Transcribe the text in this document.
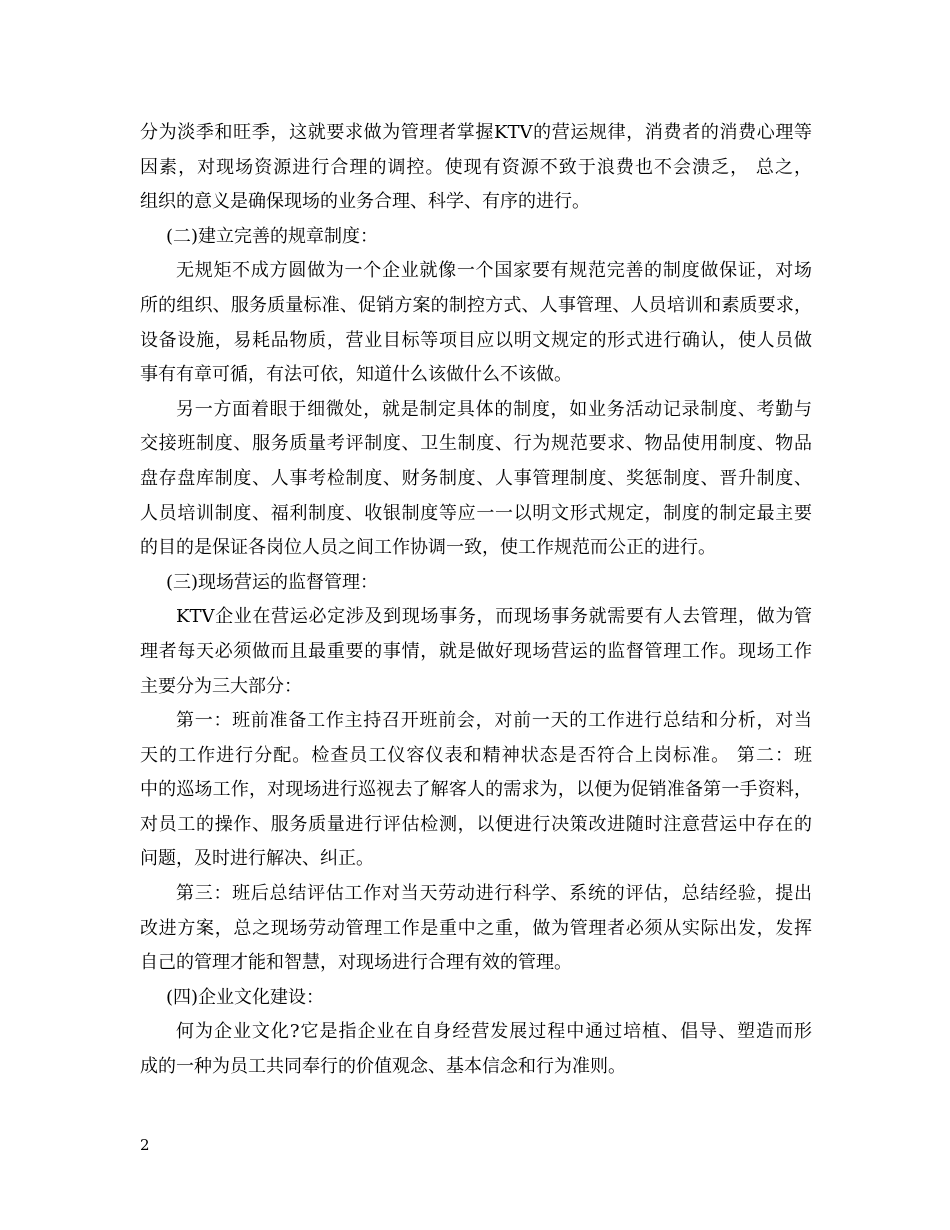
分为淡季和旺季，这就要求做为管理者掌握KTV的营运规律，消费者的消费心理等
因素，对现场资源进行合理的调控。使现有资源不致于浪费也不会溃乏， 总之，
组织的意义是确保现场的业务合理、科学、有序的进行。
(二)建立完善的规章制度：
无规矩不成方圆做为一个企业就像一个国家要有规范完善的制度做保证，对场
所的组织、服务质量标准、促销方案的制控方式、人事管理、人员培训和素质要求，
设备设施，易耗品物质，营业目标等项目应以明文规定的形式进行确认，使人员做
事有有章可循，有法可依，知道什么该做什么不该做。
另一方面着眼于细微处，就是制定具体的制度，如业务活动记录制度、考勤与
交接班制度、服务质量考评制度、卫生制度、行为规范要求、物品使用制度、物品
盘存盘库制度、人事考检制度、财务制度、人事管理制度、奖惩制度、晋升制度、
人员培训制度、福利制度、收银制度等应一一以明文形式规定，制度的制定最主要
的目的是保证各岗位人员之间工作协调一致，使工作规范而公正的进行。
(三)现场营运的监督管理：
KTV企业在营运必定涉及到现场事务，而现场事务就需要有人去管理，做为管
理者每天必须做而且最重要的事情，就是做好现场营运的监督管理工作。现场工作
主要分为三大部分：
第一：班前准备工作主持召开班前会，对前一天的工作进行总结和分析，对当
天的工作进行分配。检查员工仪容仪表和精神状态是否符合上岗标准。 第二：班
中的巡场工作，对现场进行巡视去了解客人的需求为，以便为促销准备第一手资料，
对员工的操作、服务质量进行评估检测，以便进行决策改进随时注意营运中存在的
问题，及时进行解决、纠正。
第三：班后总结评估工作对当天劳动进行科学、系统的评估，总结经验，提出
改进方案，总之现场劳动管理工作是重中之重，做为管理者必须从实际出发，发挥
自己的管理才能和智慧，对现场进行合理有效的管理。
(四)企业文化建设：
何为企业文化?它是指企业在自身经营发展过程中通过培植、倡导、塑造而形
成的一种为员工共同奉行的价值观念、基本信念和行为准则。
2
